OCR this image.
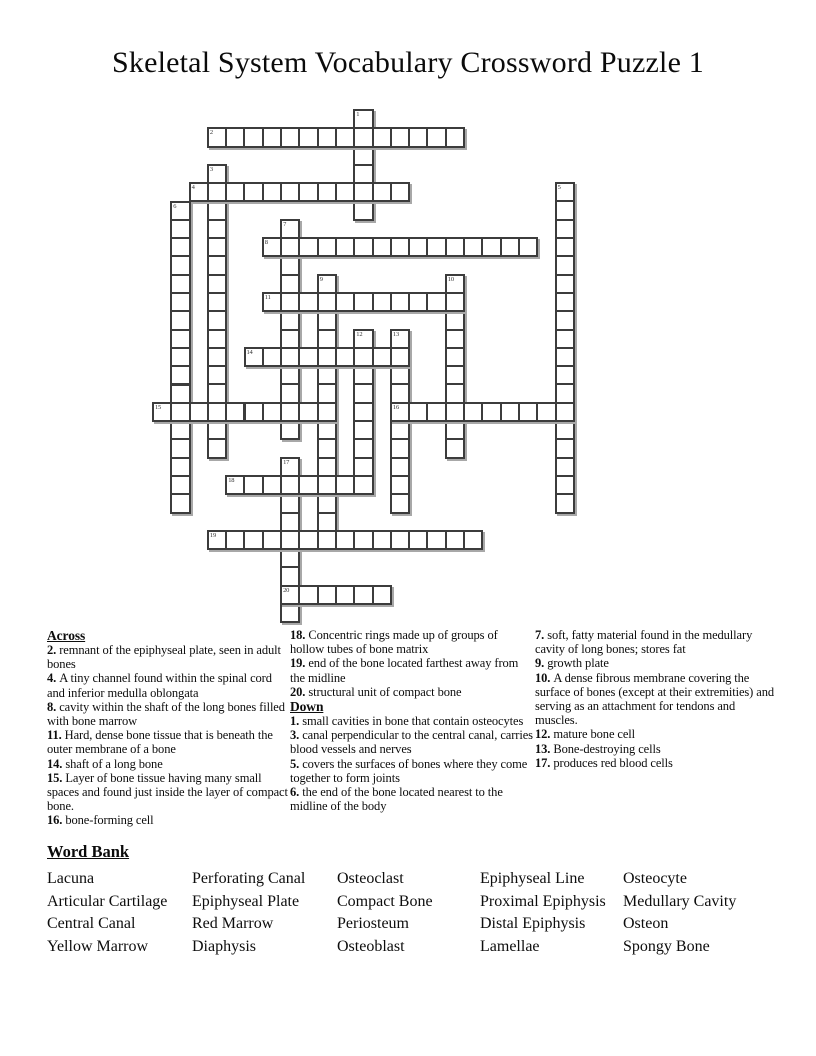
Skeletal System Vocabulary Crossword Puzzle 1
1
2
3
4	5
6
7
8
9	10
11
12	13
14
15	16
17
18
19
20
Across
2. remnant of the epiphyseal plate, seen in adult bones
4. A tiny channel found within the spinal cord and inferior medulla oblongata
8. cavity within the shaft of the long bones filled with bone marrow
11. Hard, dense bone tissue that is beneath the outer membrane of a bone
14. shaft of a long bone
15. Layer of bone tissue having many small spaces and found just inside the layer of compact bone.
16. bone-forming cell
18. Concentric rings made up of groups of hollow tubes of bone matrix
19. end of the bone located farthest away from the midline
20. structural unit of compact bone
Down
1. small cavities in bone that contain osteocytes
3. canal perpendicular to the central canal, carries blood vessels and nerves
5. covers the surfaces of bones where they come together to form joints
6. the end of the bone located nearest to the midline of the body
7. soft, fatty material found in the medullary cavity of long bones; stores fat
9. growth plate
10. A dense fibrous membrane covering the surface of bones (except at their extremities) and serving as an attachment for tendons and muscles.
12. mature bone cell
13. Bone-destroying cells
17. produces red blood cells
Word Bank
Lacuna	Perforating Canal	Osteoclast	Epiphyseal Line	Osteocyte
Articular Cartilage	Epiphyseal Plate	Compact Bone	Proximal Epiphysis	Medullary Cavity
Central Canal	Red Marrow	Periosteum	Distal Epiphysis	Osteon
Yellow Marrow	Diaphysis	Osteoblast	Lamellae	Spongy Bone
